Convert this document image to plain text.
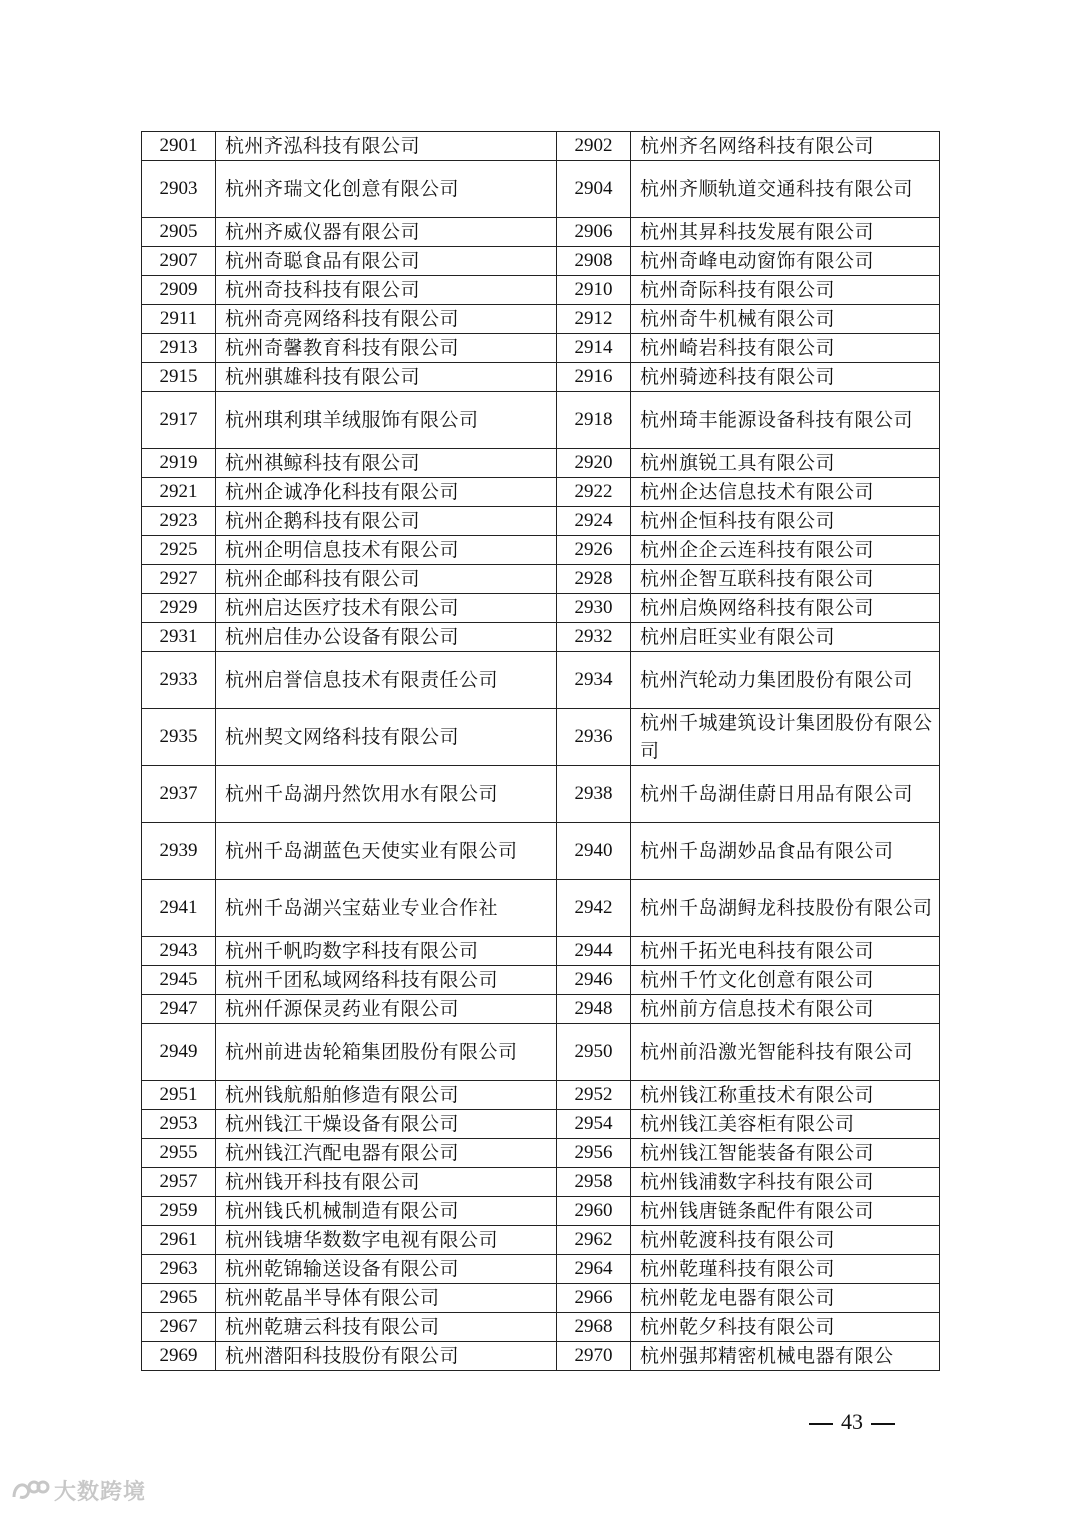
2901	杭州齐泓科技有限公司	2902	杭州齐名网络科技有限公司
2903	杭州齐瑞文化创意有限公司	2904	杭州齐顺轨道交通科技有限公司
2905	杭州齐威仪器有限公司	2906	杭州其昇科技发展有限公司
2907	杭州奇聪食品有限公司	2908	杭州奇峰电动窗饰有限公司
2909	杭州奇技科技有限公司	2910	杭州奇际科技有限公司
2911	杭州奇亮网络科技有限公司	2912	杭州奇牛机械有限公司
2913	杭州奇馨教育科技有限公司	2914	杭州崎岩科技有限公司
2915	杭州骐雄科技有限公司	2916	杭州骑迹科技有限公司
2917	杭州琪利琪羊绒服饰有限公司	2918	杭州琦丰能源设备科技有限公司
2919	杭州祺鲸科技有限公司	2920	杭州旗锐工具有限公司
2921	杭州企诚净化科技有限公司	2922	杭州企达信息技术有限公司
2923	杭州企鹅科技有限公司	2924	杭州企恒科技有限公司
2925	杭州企明信息技术有限公司	2926	杭州企企云连科技有限公司
2927	杭州企邮科技有限公司	2928	杭州企智互联科技有限公司
2929	杭州启达医疗技术有限公司	2930	杭州启焕网络科技有限公司
2931	杭州启佳办公设备有限公司	2932	杭州启旺实业有限公司
2933	杭州启誉信息技术有限责任公司	2934	杭州汽轮动力集团股份有限公司
2935	杭州契文网络科技有限公司	2936	杭州千城建筑设计集团股份有限公司
2937	杭州千岛湖丹然饮用水有限公司	2938	杭州千岛湖佳蔚日用品有限公司
2939	杭州千岛湖蓝色天使实业有限公司	2940	杭州千岛湖妙品食品有限公司
2941	杭州千岛湖兴宝菇业专业合作社	2942	杭州千岛湖鲟龙科技股份有限公司
2943	杭州千帆昀数字科技有限公司	2944	杭州千拓光电科技有限公司
2945	杭州千团私域网络科技有限公司	2946	杭州千竹文化创意有限公司
2947	杭州仟源保灵药业有限公司	2948	杭州前方信息技术有限公司
2949	杭州前进齿轮箱集团股份有限公司	2950	杭州前沿激光智能科技有限公司
2951	杭州钱航船舶修造有限公司	2952	杭州钱江称重技术有限公司
2953	杭州钱江干燥设备有限公司	2954	杭州钱江美容柜有限公司
2955	杭州钱江汽配电器有限公司	2956	杭州钱江智能装备有限公司
2957	杭州钱开科技有限公司	2958	杭州钱浦数字科技有限公司
2959	杭州钱氏机械制造有限公司	2960	杭州钱唐链条配件有限公司
2961	杭州钱塘华数数字电视有限公司	2962	杭州乾渡科技有限公司
2963	杭州乾锦输送设备有限公司	2964	杭州乾瑾科技有限公司
2965	杭州乾晶半导体有限公司	2966	杭州乾龙电器有限公司
2967	杭州乾瑭云科技有限公司	2968	杭州乾夕科技有限公司
2969	杭州潜阳科技股份有限公司	2970	杭州强邦精密机械电器有限公
43
大数跨境
